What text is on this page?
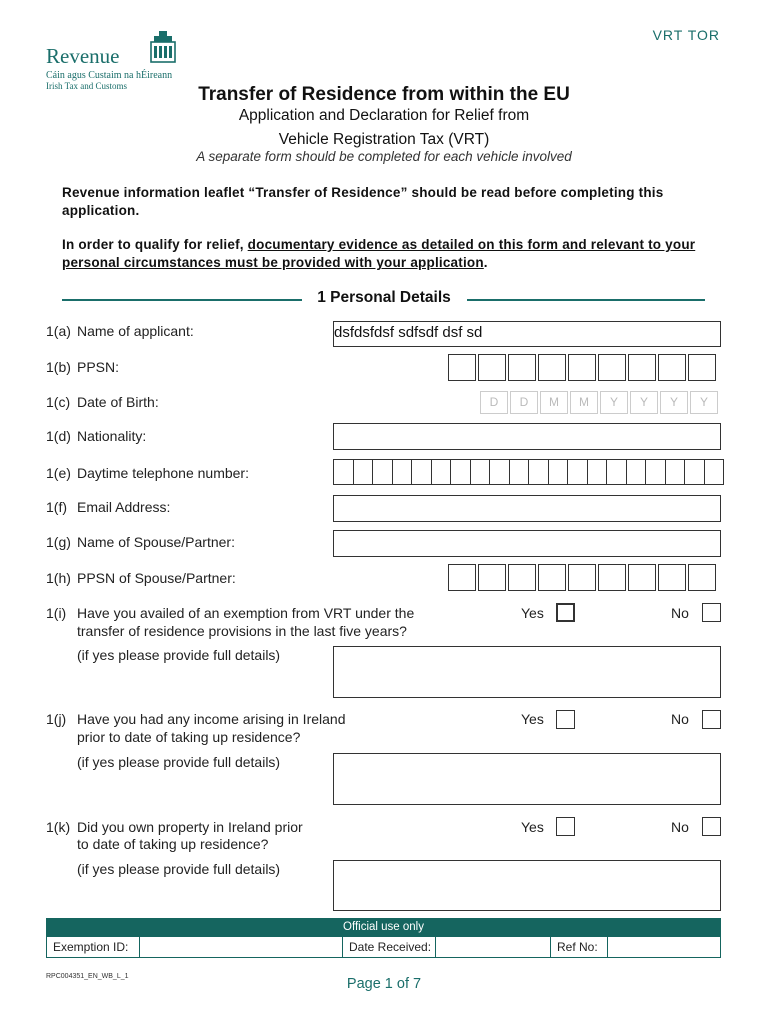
Revenue
Cáin agus Custaim na hÉireann
Irish Tax and Customs
VRT TOR
Transfer of Residence from within the EU
Application and Declaration for Relief from
Vehicle Registration Tax (VRT)
A separate form should be completed for each vehicle involved
Revenue information leaflet “Transfer of Residence” should be read before completing this application.
In order to qualify for relief, documentary evidence as detailed on this form and relevant to your personal circumstances must be provided with your application.
1 Personal Details
1(a) Name of applicant:	dsfdsfdsf sdfsdf dsf sd
1(b) PPSN:
1(c) Date of Birth:	D	D	M	M	Y	Y	Y	Y
1(d) Nationality:
1(e) Daytime telephone number:
1(f) Email Address:
1(g) Name of Spouse/Partner:
1(h) PPSN of Spouse/Partner:
1(i) Have you availed of an exemption from VRT under the
transfer of residence provisions in the last five years?
Yes	No
(if yes please provide full details)
1(j) Have you had any income arising in Ireland
prior to date of taking up residence?
Yes	No
(if yes please provide full details)
1(k) Did you own property in Ireland prior
to date of taking up residence?
Yes	No
(if yes please provide full details)
Official use only
Exemption ID:	Date Received:	Ref No:
RPC004351_EN_WB_L_1	Page 1 of 7
